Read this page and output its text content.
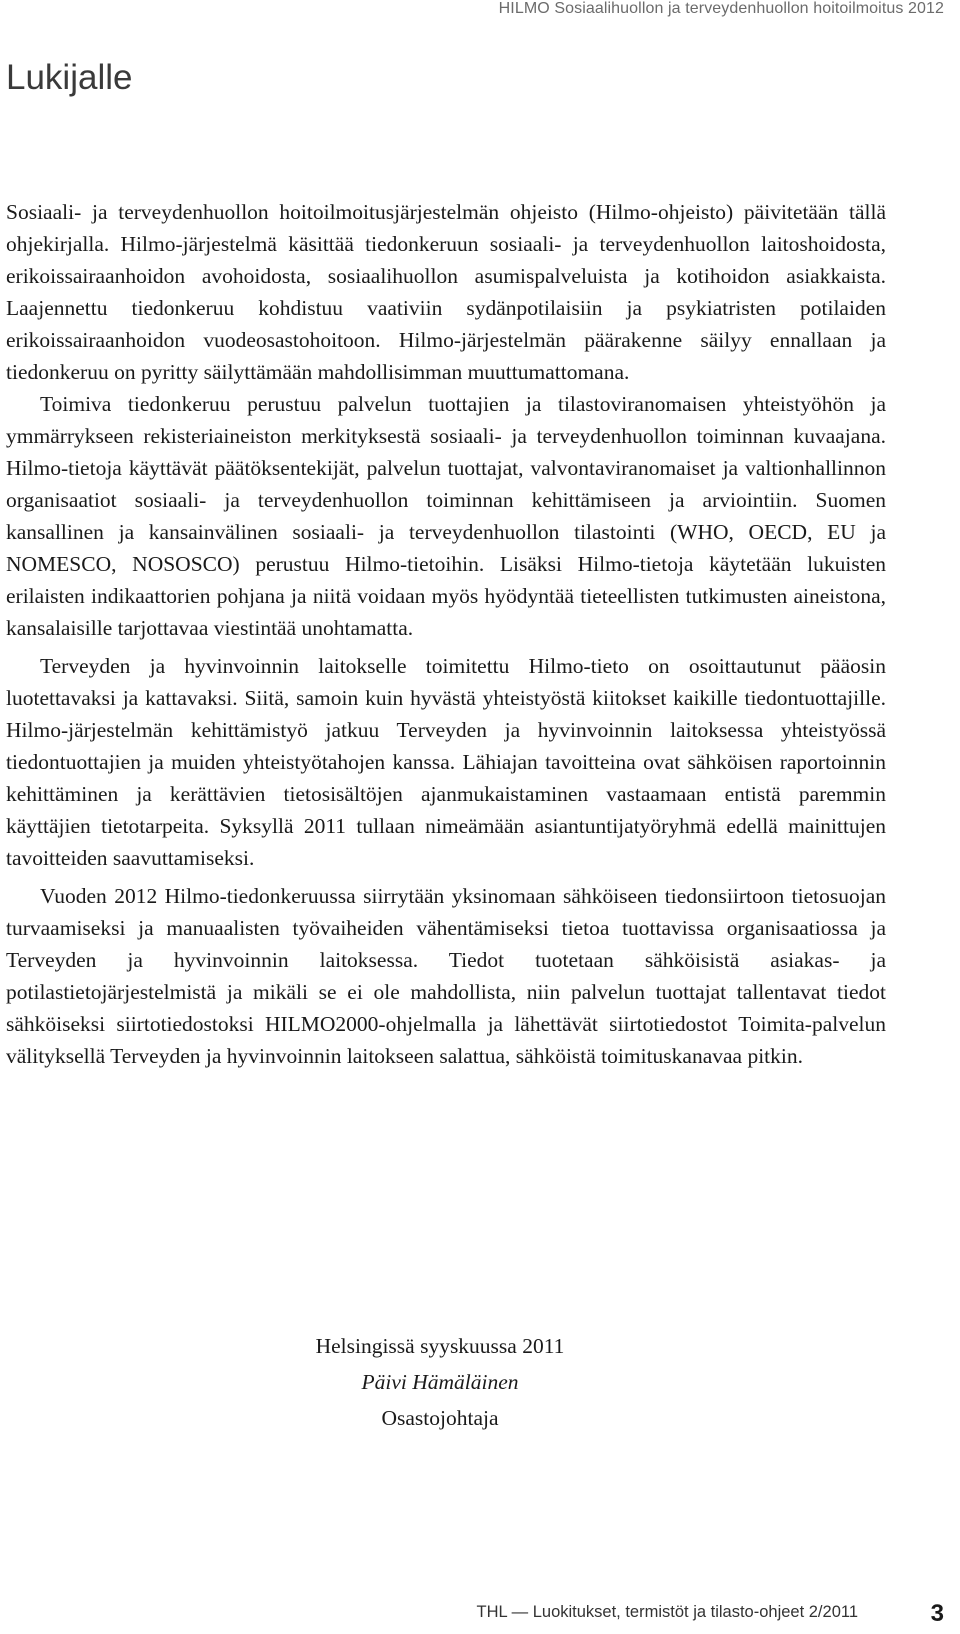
HILMO Sosiaalihuollon ja terveydenhuollon hoitoilmoitus 2012
Lukijalle

Sosiaali- ja terveydenhuollon hoitoilmoitusjärjestelmän ohjeisto (Hilmo-ohjeisto) päivitetään tällä ohjekirjalla. Hilmo-järjestelmä käsittää tiedonkeruun sosiaali- ja terveydenhuollon laitoshoidosta, erikoissairaanhoidon avohoidosta, sosiaalihuollon asumispalveluista ja kotihoidon asiakkaista. Laajennettu tiedonkeruu kohdistuu vaativiin sydänpotilaisiin ja psykiatristen potilaiden erikoissairaanhoidon vuodeosastohoitoon. Hilmo-järjestelmän päärakenne säilyy ennallaan ja tiedonkeruu on pyritty säilyttämään mahdollisimman muuttumattomana.

Toimiva tiedonkeruu perustuu palvelun tuottajien ja tilastoviranomaisen yhteistyöhön ja ymmärrykseen rekisteriaineiston merkityksestä sosiaali- ja terveydenhuollon toiminnan kuvaajana. Hilmo-tietoja käyttävät päätöksentekijät, palvelun tuottajat, valvontaviranomaiset ja valtionhallinnon organisaatiot sosiaali- ja terveydenhuollon toiminnan kehittämiseen ja arviointiin. Suomen kansallinen ja kansainvälinen sosiaali- ja terveydenhuollon tilastointi (WHO, OECD, EU ja NOMESCO, NOSOSCO) perustuu Hilmo-tietoihin. Lisäksi Hilmo-tietoja käytetään lukuisten erilaisten indikaattorien pohjana ja niitä voidaan myös hyödyntää tieteellisten tutkimusten aineistona, kansalaisille tarjottavaa viestintää unohtamatta.

Terveyden ja hyvinvoinnin laitokselle toimitettu Hilmo-tieto on osoittautunut pääosin luotettavaksi ja kattavaksi. Siitä, samoin kuin hyvästä yhteistyöstä kiitokset kaikille tiedontuottajille. Hilmo-järjestelmän kehittämistyö jatkuu Terveyden ja hyvinvoinnin laitoksessa yhteistyössä tiedontuottajien ja muiden yhteistyötahojen kanssa. Lähiajan tavoitteina ovat sähköisen raportoinnin kehittäminen ja kerättävien tietosisältöjen ajanmukaistaminen vastaamaan entistä paremmin käyttäjien tietotarpeita. Syksyllä 2011 tullaan nimeämään asiantuntijatyöryhmä edellä mainittujen tavoitteiden saavuttamiseksi.

Vuoden 2012 Hilmo-tiedonkeruussa siirrytään yksinomaan sähköiseen tiedonsiirtoon tietosuojan turvaamiseksi ja manuaalisten työvaiheiden vähentämiseksi tietoa tuottavissa organisaatiossa ja Terveyden ja hyvinvoinnin laitoksessa. Tiedot tuotetaan sähköisistä asiakas- ja potilastietojärjestelmistä ja mikäli se ei ole mahdollista, niin palvelun tuottajat tallentavat tiedot sähköiseksi siirtotiedostoksi HILMO2000-ohjelmalla ja lähettävät siirtotiedostot Toimita-palvelun välityksellä Terveyden ja hyvinvoinnin laitokseen salattua, sähköistä toimituskanavaa pitkin.

Helsingissä syyskuussa 2011
Päivi Hämäläinen
Osastojohtaja
THL — Luokitukset, termistöt ja tilasto-ohjeet 2/2011	3
